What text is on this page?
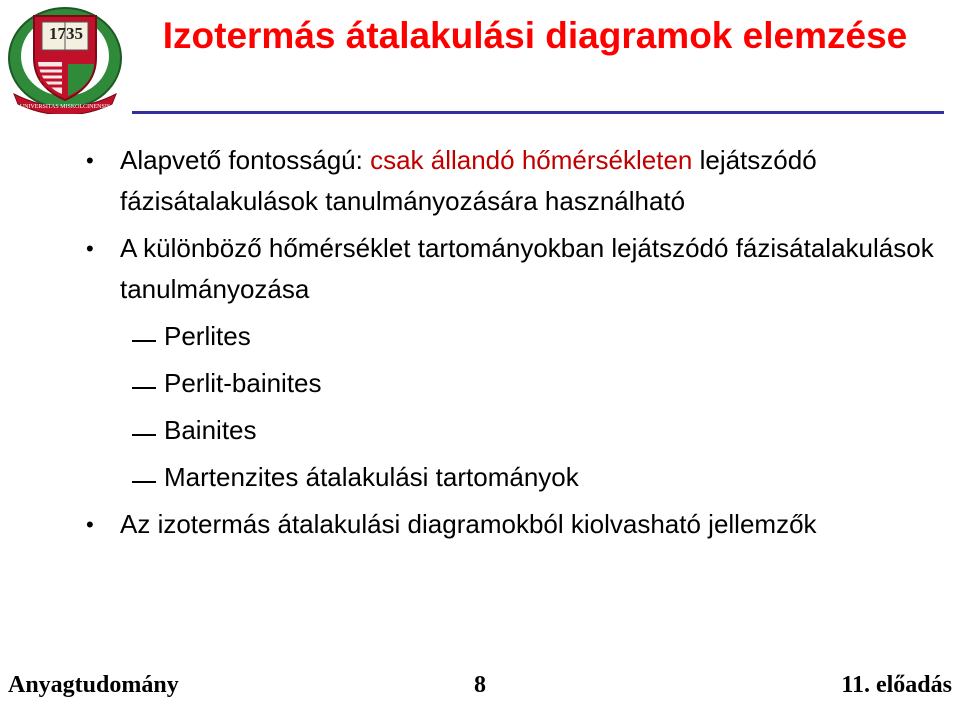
UNIVERSITAS MISKOLCINENSIS
1735	Izotermás átalakulási diagramok elemzése
• Alapvető fontosságú: csak állandó hőmérsékleten lejátszódó fázisátalakulások tanulmányozására használható
• A különböző hőmérséklet tartományokban lejátszódó fázisátalakulások tanulmányozása
Perlites
Perlit-bainites
Bainites
Martenzites átalakulási tartományok
• Az izotermás átalakulási diagramokból kiolvasható jellemzők
Anyagtudomány	8	11. előadás
